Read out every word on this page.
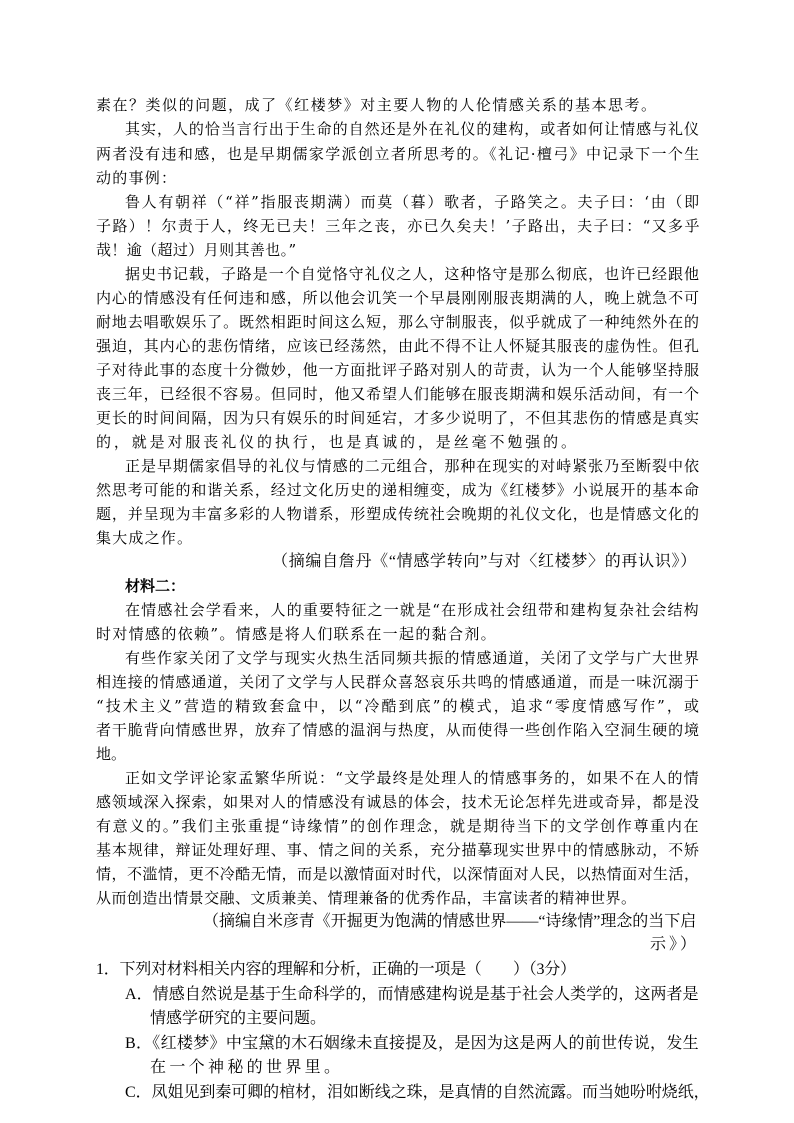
素在？类似的问题，成了《红楼梦》对主要人物的人伦情感关系的基本思考。
其实，人的恰当言行出于生命的自然还是外在礼仪的建构，或者如何让情感与礼仪
两者没有违和感，也是早期儒家学派创立者所思考的。《礼记·檀弓》中记录下一个生
动的事例：
鲁人有朝祥（“祥”指服丧期满）而莫（暮）歌者，子路笑之。夫子曰：‘由（即
子路）！尔责于人，终无已夫！三年之丧，亦已久矣夫！’子路出，夫子曰：“又多乎
哉！逾（超过）月则其善也。”
据史书记载，子路是一个自觉恪守礼仪之人，这种恪守是那么彻底，也许已经跟他
内心的情感没有任何违和感，所以他会讥笑一个早晨刚刚服丧期满的人，晚上就急不可
耐地去唱歌娱乐了。既然相距时间这么短，那么守制服丧，似乎就成了一种纯然外在的
强迫，其内心的悲伤情绪，应该已经荡然，由此不得不让人怀疑其服丧的虚伪性。但孔
子对待此事的态度十分微妙，他一方面批评子路对别人的苛责，认为一个人能够坚持服
丧三年，已经很不容易。但同时，他又希望人们能够在服丧期满和娱乐活动间，有一个
更长的时间间隔，因为只有娱乐的时间延宕，才多少说明了，不但其悲伤的情感是真实
的，就是对服丧礼仪的执行，也是真诚的，是丝毫不勉强的。
正是早期儒家倡导的礼仪与情感的二元组合，那种在现实的对峙紧张乃至断裂中依
然思考可能的和谐关系，经过文化历史的递相缠变，成为《红楼梦》小说展开的基本命
题，并呈现为丰富多彩的人物谱系，形塑成传统社会晚期的礼仪文化，也是情感文化的
集大成之作。
（摘编自詹丹《“情感学转向”与对〈红楼梦〉的再认识》）
材料二：
在情感社会学看来，人的重要特征之一就是“在形成社会纽带和建构复杂社会结构
时对情感的依赖”。情感是将人们联系在一起的黏合剂。
有些作家关闭了文学与现实火热生活同频共振的情感通道，关闭了文学与广大世界
相连接的情感通道，关闭了文学与人民群众喜怒哀乐共鸣的情感通道，而是一味沉溺于
“技术主义”营造的精致套盒中，以“冷酷到底”的模式，追求“零度情感写作”，或
者干脆背向情感世界，放弃了情感的温润与热度，从而使得一些创作陷入空洞生硬的境
地。
正如文学评论家孟繁华所说：“文学最终是处理人的情感事务的，如果不在人的情
感领域深入探索，如果对人的情感没有诚恳的体会，技术无论怎样先进或奇异，都是没
有意义的。”我们主张重提“诗缘情”的创作理念，就是期待当下的文学创作尊重内在
基本规律，辩证处理好理、事、情之间的关系，充分描摹现实世界中的情感脉动，不矫
情，不滥情，更不冷酷无情，而是以激情面对时代，以深情面对人民，以热情面对生活，
从而创造出情景交融、文质兼美、情理兼备的优秀作品，丰富读者的精神世界。
（摘编自米彦青《开掘更为饱满的情感世界——“诗缘情”理念的当下启
示》）
1．下列对材料相关内容的理解和分析，正确的一项是（　　）（3分）
A．情感自然说是基于生命科学的，而情感建构说是基于社会人类学的，这两者是
情感学研究的主要问题。
B．《红楼梦》中宝黛的木石姻缘未直接提及，是因为这是两人的前世传说，发生
在一个神秘的世界里。
C．凤姐见到秦可卿的棺材，泪如断线之珠，是真情的自然流露。而当她吩咐烧纸，
